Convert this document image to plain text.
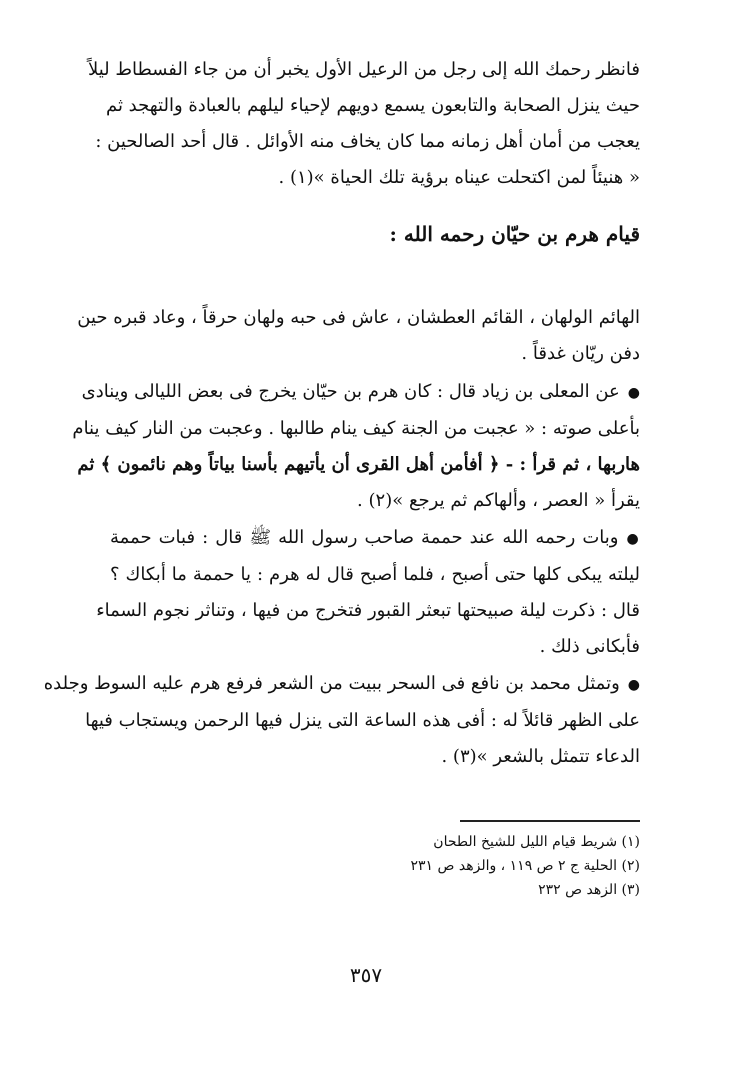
فانظر رحمك الله إلى رجل من الرعيل الأول يخبر أن من جاء الفسطاط ليلاً
حيث ينزل الصحابة والتابعون يسمع دويهم لإحياء ليلهم بالعبادة والتهجد ثم
يعجب من أمان أهل زمانه مما كان يخاف منه الأوائل . قال أحد الصالحين :
« هنيئاً لمن اكتحلت عيناه برؤية تلك الحياة »(١) .
قيام هرم بن حيّان رحمه الله :
الهائم الولهان ، القائم العطشان ، عاش فى حبه ولهان حرقاً ، وعاد قبره حين
دفن ريّان غدقاً .
●عن المعلى بن زياد قال : كان هرم بن حيّان يخرج فى بعض الليالى وينادى
بأعلى صوته : « عجبت من الجنة كيف ينام طالبها . وعجبت من النار كيف ينام
هاربها ، ثم قرأ : - ﴿ أفأمن أهل القرى أن يأتيهم بأسنا بياتاً وهم نائمون ﴾ ثم
يقرأ « العصر ، وألهاكم ثم يرجع »(٢) .
●وبات رحمه الله عند حممة صاحب رسول الله ﷺ قال : فبات حممة
ليلته يبكى كلها حتى أصبح ، فلما أصبح قال له هرم : يا حممة ما أبكاك ؟
قال : ذكرت ليلة صبيحتها تبعثر القبور فتخرج من فيها ، وتناثر نجوم السماء
فأبكانى ذلك .
●وتمثل محمد بن نافع فى السحر ببيت من الشعر فرفع هرم عليه السوط وجلده
على الظهر قائلاً له : أفى هذه الساعة التى ينزل فيها الرحمن ويستجاب فيها
الدعاء تتمثل بالشعر »(٣) .
(١) شريط قيام الليل للشيخ الطحان
(٢) الحلية ج ٢ ص ١١٩ ، والزهد ص ٢٣١
(٣) الزهد ص ٢٣٢
٣٥٧
